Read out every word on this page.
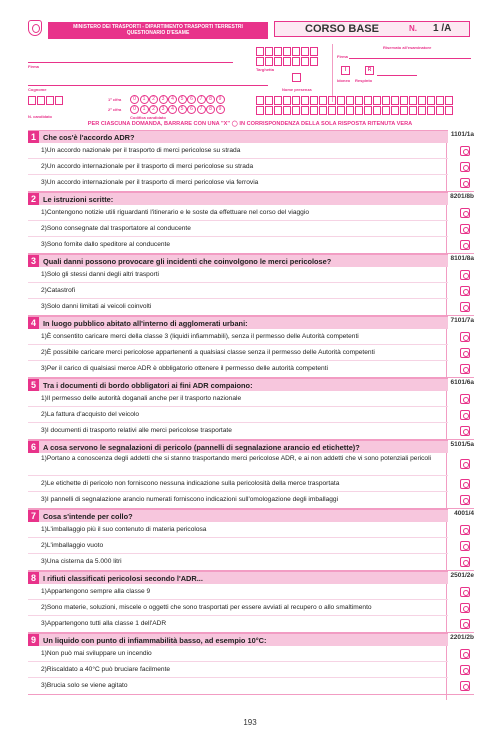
MINISTERO DEI TRASPORTI - DIPARTIMENTO TRASPORTI TERRESTRI
QUESTIONARIO D'ESAME	CORSO BASE	N. 1 /A
Firma
Targhetta
Cognome	Nome presenza
Riservato all'esaminatore
Firma
I	R
Idoneo Respinto
N. candidato
1ª cifra	0	1	2	3	4	5	6	7	8	9
2ª cifra	0	1	2	3	4	5	6	7	8	9
Codifica candidato
PER CIASCUNA DOMANDA, BARRARE CON UNA "X" ◯ IN CORRISPONDENZA DELLA SOLA RISPOSTA RITENUTA VERA
1 Che cos'è l'accordo ADR?	1101/1a
1)Un accordo nazionale per il trasporto di merci pericolose su strada
2)Un accordo internazionale per il trasporto di merci pericolose su strada
3)Un accordo internazionale per il trasporto di merci pericolose via ferrovia
2 Le istruzioni scritte:	8201/8b
1)Contengono notizie utili riguardanti l'itinerario e le soste da effettuare nel corso del viaggio
2)Sono consegnate dal trasportatore al conducente
3)Sono fornite dallo speditore al conducente
3 Quali danni possono provocare gli incidenti che coinvolgono le merci pericolose?	8101/8a
1)Solo gli stessi danni degli altri trasporti
2)Catastrofi
3)Solo danni limitati ai veicoli coinvolti
4 In luogo pubblico abitato all'interno di agglomerati urbani:	7101/7a
1)È consentito caricare merci della classe 3 (liquidi infiammabili), senza il permesso delle Autorità competenti
2)È possibile caricare merci pericolose appartenenti a qualsiasi classe senza il permesso delle Autorità competenti
3)Per il carico di qualsiasi merce ADR è obbligatorio ottenere il permesso delle autorità competenti
5 Tra i documenti di bordo obbligatori ai fini ADR compaiono:	6101/6a
1)Il permesso delle autorità doganali anche per il trasporto nazionale
2)La fattura d'acquisto del veicolo
3)I documenti di trasporto relativi alle merci pericolose trasportate
6 A cosa servono le segnalazioni di pericolo (pannelli di segnalazione arancio ed etichette)?	5101/5a
1)Portano a conoscenza degli addetti che si stanno trasportando merci pericolose ADR, e ai non addetti che vi sono potenziali pericoli
2)Le etichette di pericolo non forniscono nessuna indicazione sulla pericolosità della merce trasportata
3)I pannelli di segnalazione arancio numerati forniscono indicazioni sull'omologazione degli imballaggi
7 Cosa s'intende per collo?	4001/4
1)L'imballaggio più il suo contenuto di materia pericolosa
2)L'imballaggio vuoto
3)Una cisterna da 5.000 litri
8 I rifiuti classificati pericolosi secondo l'ADR...	2501/2e
1)Appartengono sempre alla classe 9
2)Sono materie, soluzioni, miscele o oggetti che sono trasportati per essere avviati al recupero o allo smaltimento
3)Appartengono tutti alla classe 1 dell'ADR
9 Un liquido con punto di infiammabilità basso, ad esempio 10°C:	2201/2b
1)Non può mai sviluppare un incendio
2)Riscaldato a 40°C può bruciare facilmente
3)Brucia solo se viene agitato
193
